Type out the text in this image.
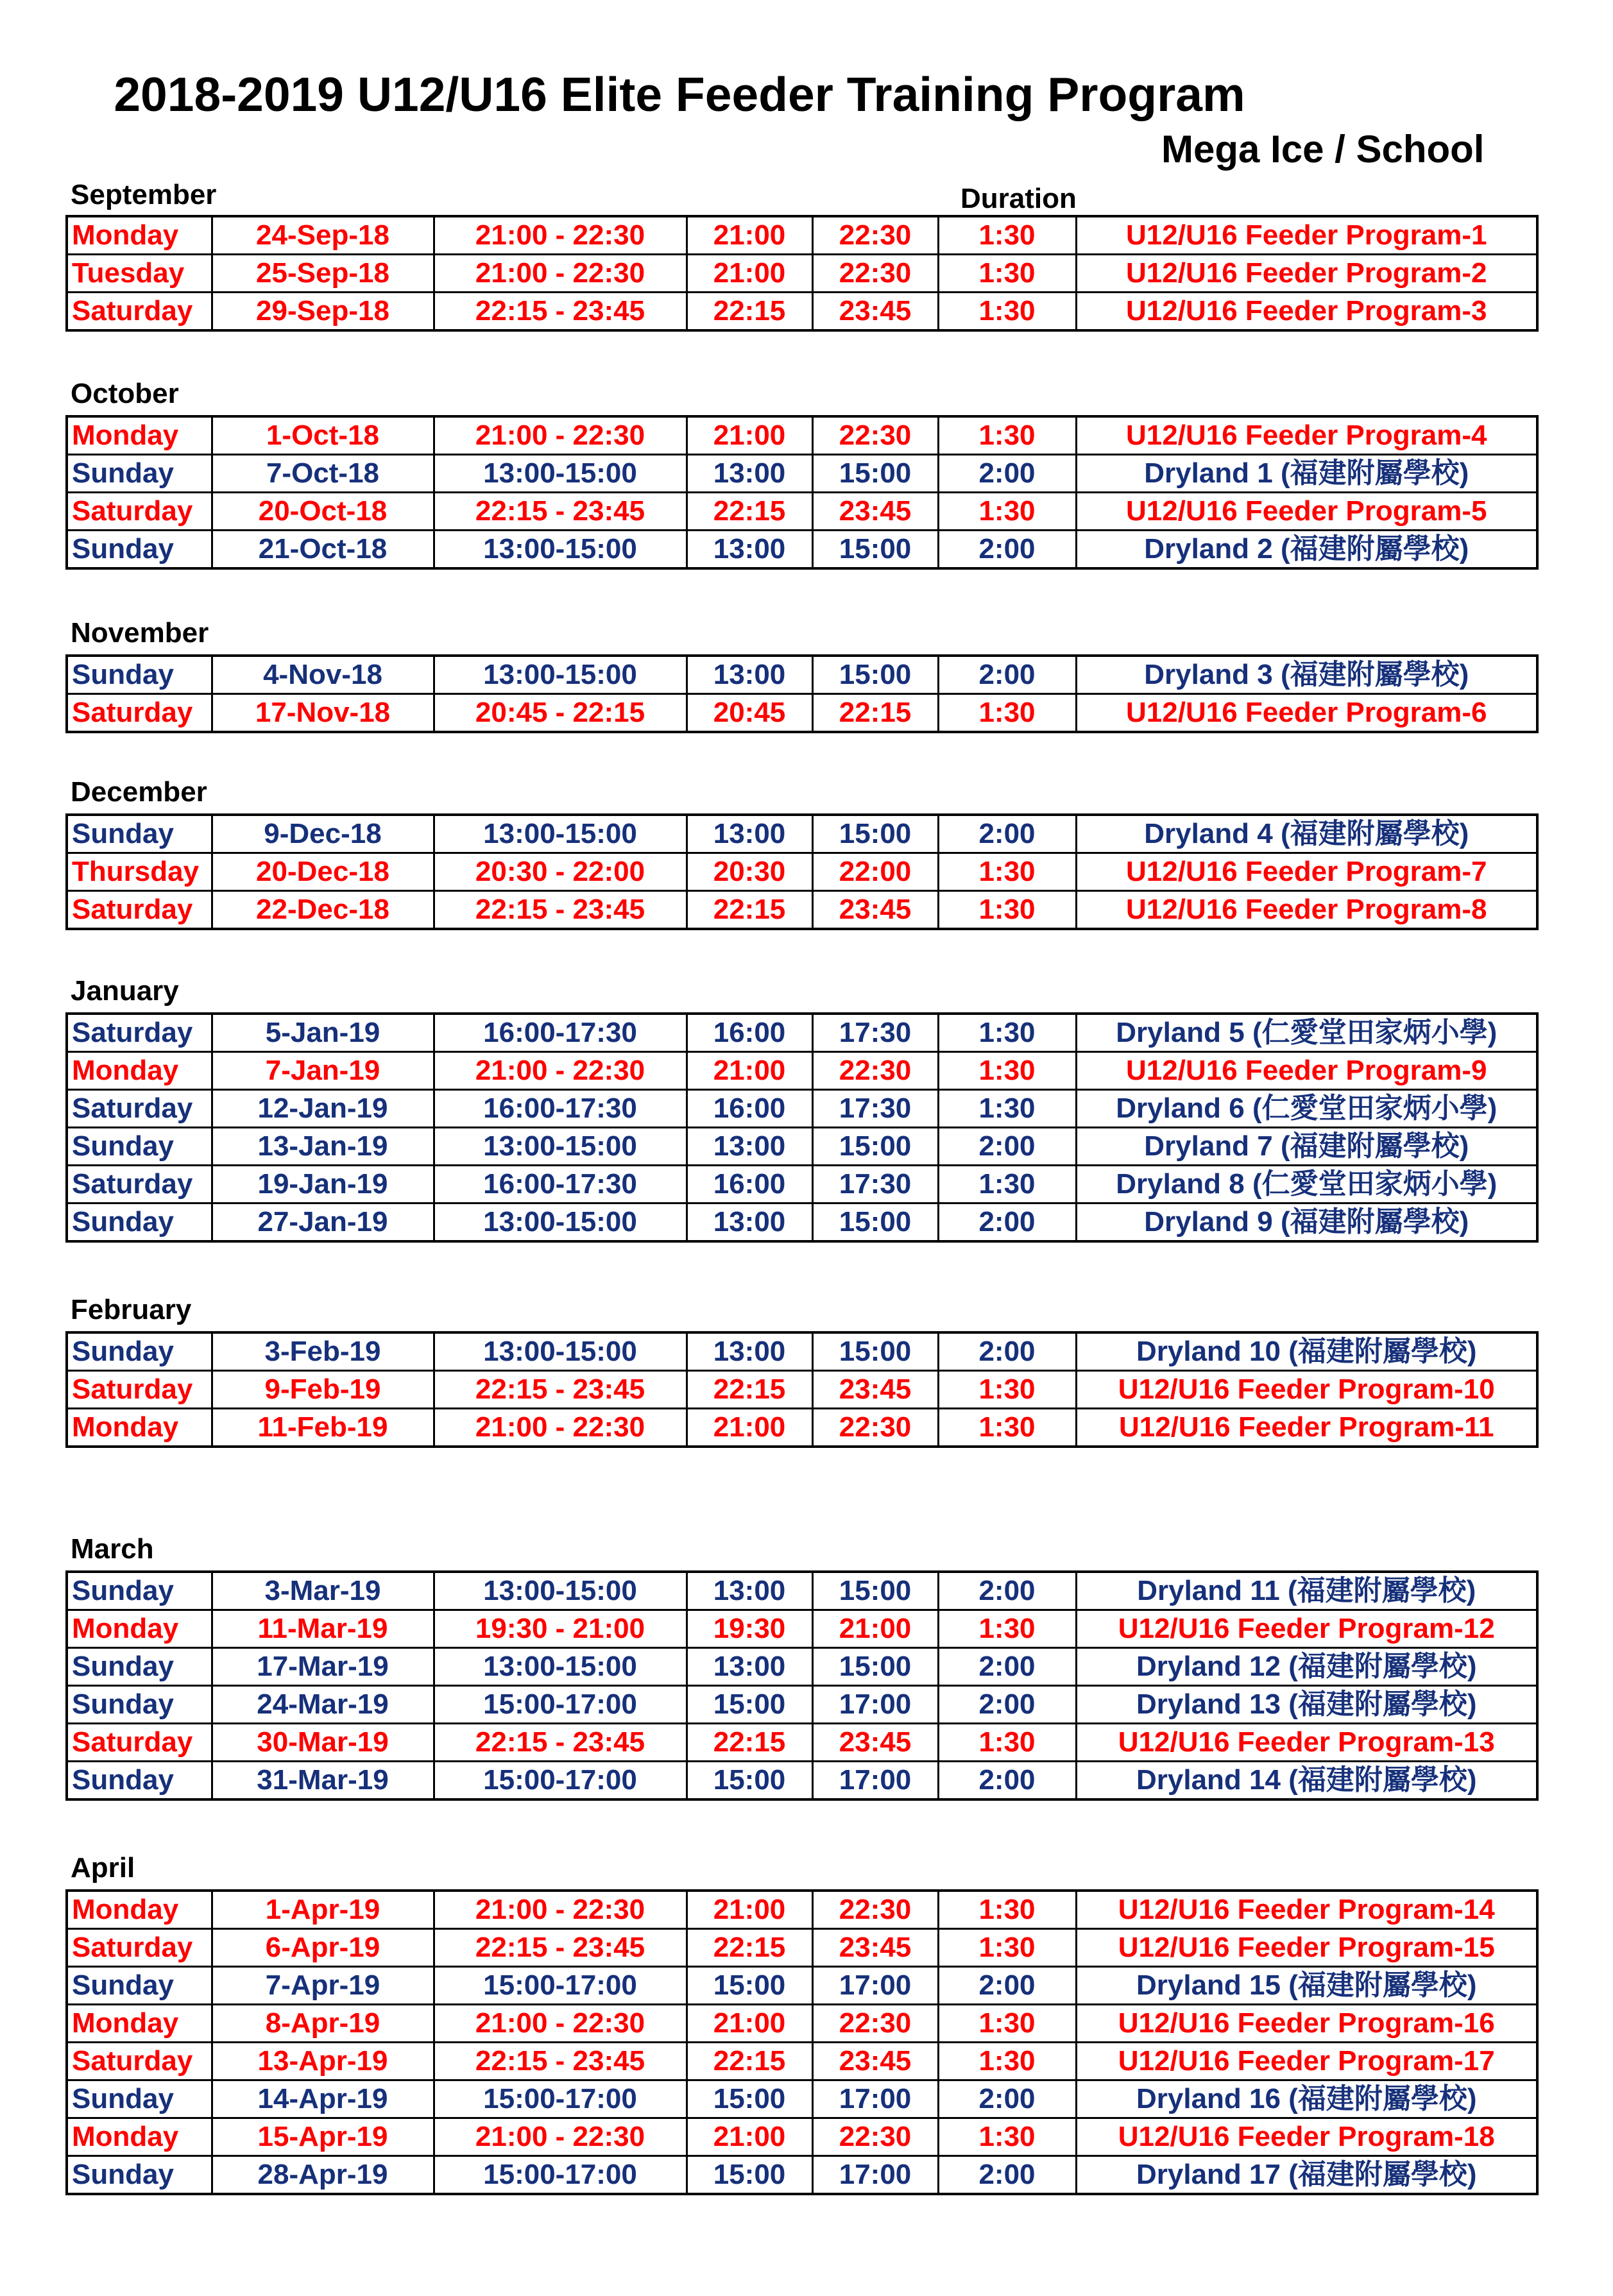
2018-2019 U12/U16 Elite Feeder Training Program
Mega Ice / School
Duration
September
Monday	24-Sep-18	21:00 - 22:30	21:00	22:30	1:30	U12/U16 Feeder Program-1
Tuesday	25-Sep-18	21:00 - 22:30	21:00	22:30	1:30	U12/U16 Feeder Program-2
Saturday	29-Sep-18	22:15 - 23:45	22:15	23:45	1:30	U12/U16 Feeder Program-3
October
Monday	1-Oct-18	21:00 - 22:30	21:00	22:30	1:30	U12/U16 Feeder Program-4
Sunday	7-Oct-18	13:00-15:00	13:00	15:00	2:00	Dryland 1 (福建附屬學校)
Saturday	20-Oct-18	22:15 - 23:45	22:15	23:45	1:30	U12/U16 Feeder Program-5
Sunday	21-Oct-18	13:00-15:00	13:00	15:00	2:00	Dryland 2 (福建附屬學校)
November
Sunday	4-Nov-18	13:00-15:00	13:00	15:00	2:00	Dryland 3 (福建附屬學校)
Saturday	17-Nov-18	20:45 - 22:15	20:45	22:15	1:30	U12/U16 Feeder Program-6
December
Sunday	9-Dec-18	13:00-15:00	13:00	15:00	2:00	Dryland 4 (福建附屬學校)
Thursday	20-Dec-18	20:30 - 22:00	20:30	22:00	1:30	U12/U16 Feeder Program-7
Saturday	22-Dec-18	22:15 - 23:45	22:15	23:45	1:30	U12/U16 Feeder Program-8
January
Saturday	5-Jan-19	16:00-17:30	16:00	17:30	1:30	Dryland 5 (仁愛堂田家炳小學)
Monday	7-Jan-19	21:00 - 22:30	21:00	22:30	1:30	U12/U16 Feeder Program-9
Saturday	12-Jan-19	16:00-17:30	16:00	17:30	1:30	Dryland 6 (仁愛堂田家炳小學)
Sunday	13-Jan-19	13:00-15:00	13:00	15:00	2:00	Dryland 7 (福建附屬學校)
Saturday	19-Jan-19	16:00-17:30	16:00	17:30	1:30	Dryland 8 (仁愛堂田家炳小學)
Sunday	27-Jan-19	13:00-15:00	13:00	15:00	2:00	Dryland 9 (福建附屬學校)
February
Sunday	3-Feb-19	13:00-15:00	13:00	15:00	2:00	Dryland 10 (福建附屬學校)
Saturday	9-Feb-19	22:15 - 23:45	22:15	23:45	1:30	U12/U16 Feeder Program-10
Monday	11-Feb-19	21:00 - 22:30	21:00	22:30	1:30	U12/U16 Feeder Program-11
March
Sunday	3-Mar-19	13:00-15:00	13:00	15:00	2:00	Dryland 11 (福建附屬學校)
Monday	11-Mar-19	19:30 - 21:00	19:30	21:00	1:30	U12/U16 Feeder Program-12
Sunday	17-Mar-19	13:00-15:00	13:00	15:00	2:00	Dryland 12 (福建附屬學校)
Sunday	24-Mar-19	15:00-17:00	15:00	17:00	2:00	Dryland 13 (福建附屬學校)
Saturday	30-Mar-19	22:15 - 23:45	22:15	23:45	1:30	U12/U16 Feeder Program-13
Sunday	31-Mar-19	15:00-17:00	15:00	17:00	2:00	Dryland 14 (福建附屬學校)
April
Monday	1-Apr-19	21:00 - 22:30	21:00	22:30	1:30	U12/U16 Feeder Program-14
Saturday	6-Apr-19	22:15 - 23:45	22:15	23:45	1:30	U12/U16 Feeder Program-15
Sunday	7-Apr-19	15:00-17:00	15:00	17:00	2:00	Dryland 15 (福建附屬學校)
Monday	8-Apr-19	21:00 - 22:30	21:00	22:30	1:30	U12/U16 Feeder Program-16
Saturday	13-Apr-19	22:15 - 23:45	22:15	23:45	1:30	U12/U16 Feeder Program-17
Sunday	14-Apr-19	15:00-17:00	15:00	17:00	2:00	Dryland 16 (福建附屬學校)
Monday	15-Apr-19	21:00 - 22:30	21:00	22:30	1:30	U12/U16 Feeder Program-18
Sunday	28-Apr-19	15:00-17:00	15:00	17:00	2:00	Dryland 17 (福建附屬學校)
